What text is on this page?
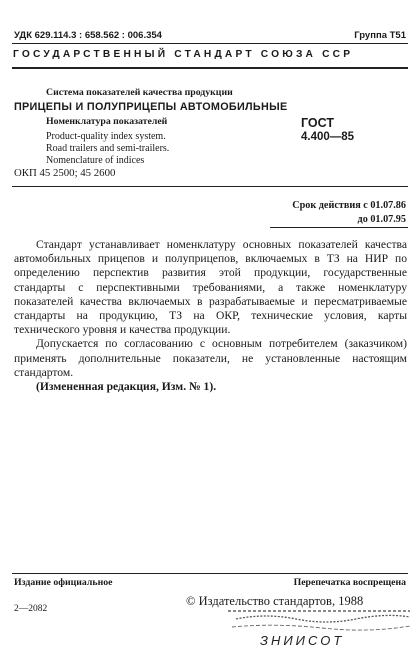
УДК 629.114.3 : 658.562 : 006.354	Группа Т51
ГОСУДАРСТВЕННЫЙ СТАНДАРТ СОЮЗА ССР
Система показателей качества продукции
ПРИЦЕПЫ И ПОЛУПРИЦЕПЫ АВТОМОБИЛЬНЫЕ
Номенклатура показателей
Product-quality index system.
Road trailers and semi-trailers.
Nomenclature of indices
ГОСТ
4.400—85
ОКП 45 2500; 45 2600
Срок действия с 01.07.86
до 01.07.95

Стандарт устанавливает номенклатуру основных показателей качества автомобильных прицепов и полуприцепов, включаемых в ТЗ на НИР по определению перспектив развития этой продукции, государственные стандарты с перспективными требованиями, а также номенклатуру показателей качества включаемых в разрабатываемые и пересматриваемые стандарты на продукцию, ТЗ на ОКР, технические условия, карты технического уровня и качества продукции.

Допускается по согласованию с основным потребителем (заказчиком) применять дополнительные показатели, не установленные настоящим стандартом.

(Измененная редакция, Изм. № 1).

Издание официальное	Перепечатка воспрещена
© Издательство стандартов, 1988
2—2082
ЗНИИСОТ
